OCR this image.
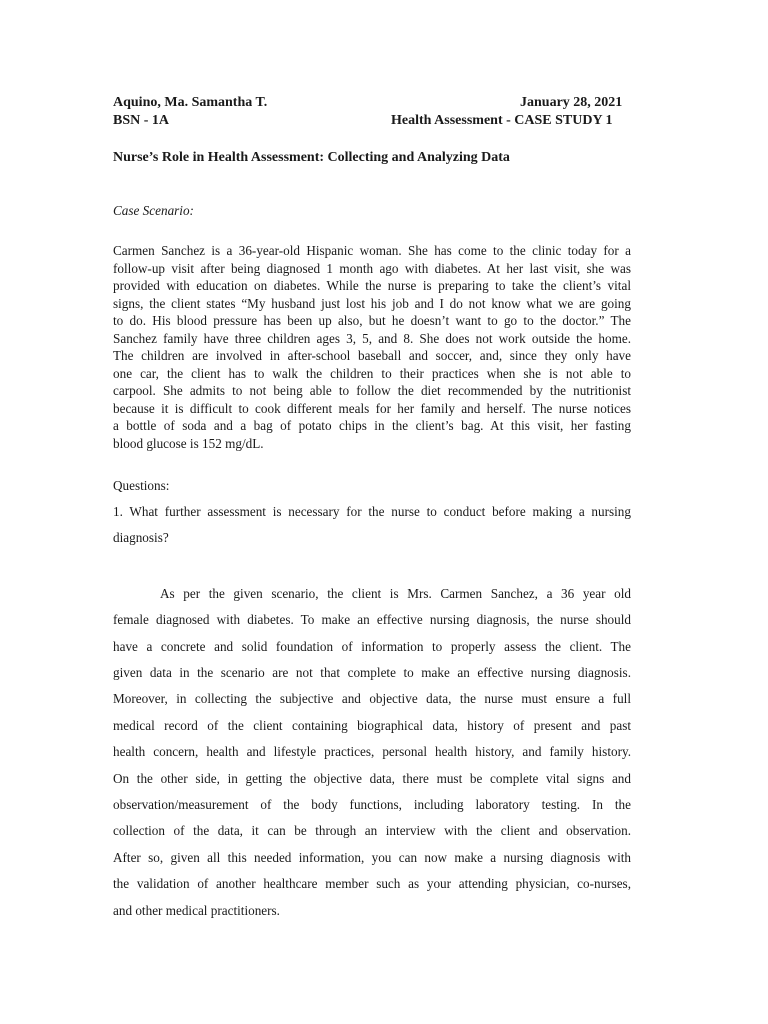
Aquino, Ma. Samantha T.	January 28, 2021
BSN - 1A	Health Assessment - CASE STUDY 1
Nurse’s Role in Health Assessment: Collecting and Analyzing Data
Case Scenario:
Carmen Sanchez is a 36-year-old Hispanic woman. She has come to the clinic today for a
follow-up visit after being diagnosed 1 month ago with diabetes. At her last visit, she was
provided with education on diabetes. While the nurse is preparing to take the client’s vital
signs, the client states “My husband just lost his job and I do not know what we are going
to do. His blood pressure has been up also, but he doesn’t want to go to the doctor.” The
Sanchez family have three children ages 3, 5, and 8. She does not work outside the home.
The children are involved in after-school baseball and soccer, and, since they only have
one car, the client has to walk the children to their practices when she is not able to
carpool. She admits to not being able to follow the diet recommended by the nutritionist
because it is difficult to cook different meals for her family and herself. The nurse notices
a bottle of soda and a bag of potato chips in the client’s bag. At this visit, her fasting
blood glucose is 152 mg/dL.
Questions:
1. What further assessment is necessary for the nurse to conduct before making a nursing
diagnosis?
As per the given scenario, the client is Mrs. Carmen Sanchez, a 36 year old
female diagnosed with diabetes. To make an effective nursing diagnosis, the nurse should
have a concrete and solid foundation of information to properly assess the client. The
given data in the scenario are not that complete to make an effective nursing diagnosis.
Moreover, in collecting the subjective and objective data, the nurse must ensure a full
medical record of the client containing biographical data, history of present and past
health concern, health and lifestyle practices, personal health history, and family history.
On the other side, in getting the objective data, there must be complete vital signs and
observation/measurement of the body functions, including laboratory testing. In the
collection of the data, it can be through an interview with the client and observation.
After so, given all this needed information, you can now make a nursing diagnosis with
the validation of another healthcare member such as your attending physician, co-nurses,
and other medical practitioners.
